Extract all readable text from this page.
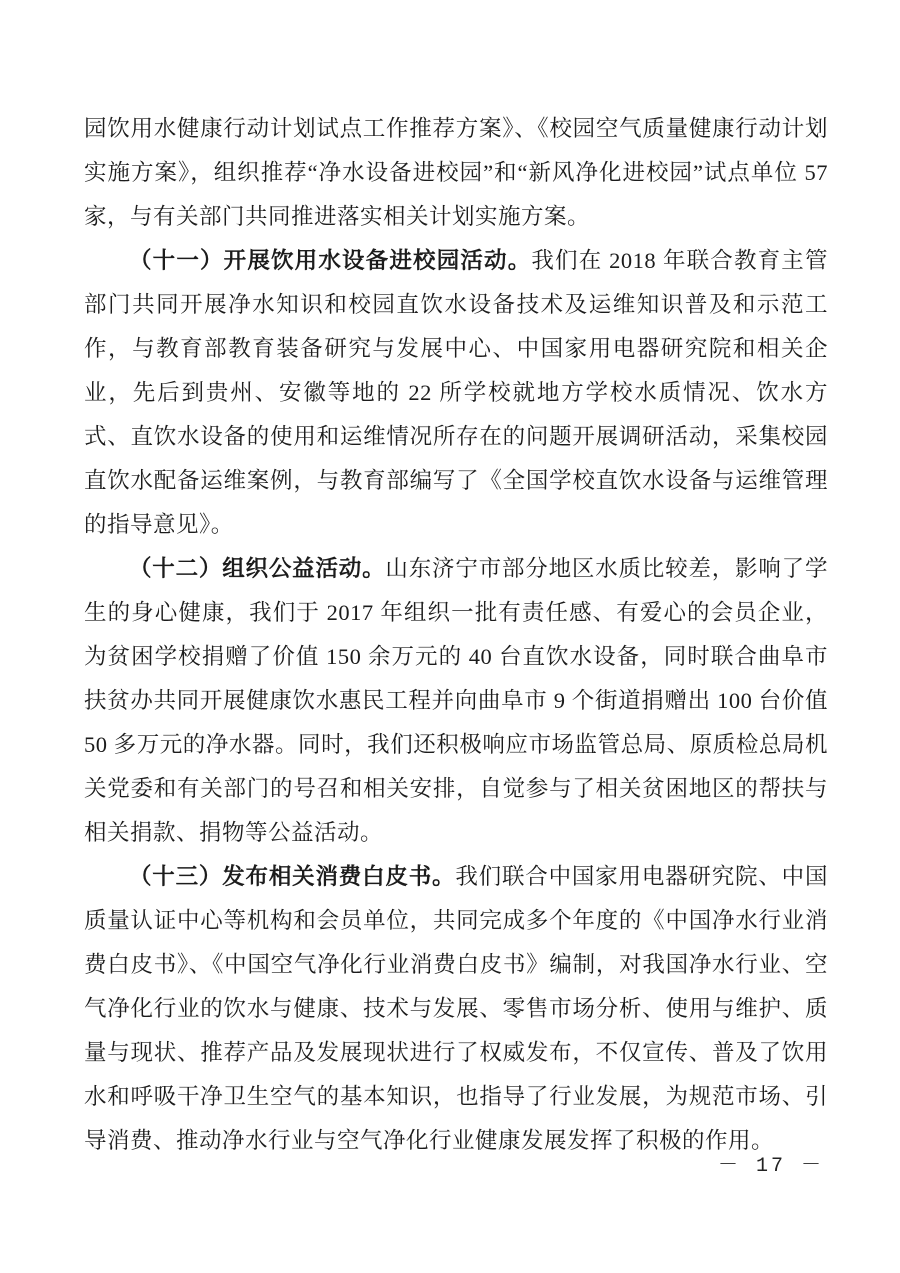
园饮用水健康行动计划试点工作推荐方案》、《校园空气质量健康行动计划实施方案》，组织推荐“净水设备进校园”和“新风净化进校园”试点单位 57 家，与有关部门共同推进落实相关计划实施方案。

（十一）开展饮用水设备进校园活动。我们在 2018 年联合教育主管部门共同开展净水知识和校园直饮水设备技术及运维知识普及和示范工作，与教育部教育装备研究与发展中心、中国家用电器研究院和相关企业，先后到贵州、安徽等地的 22 所学校就地方学校水质情况、饮水方式、直饮水设备的使用和运维情况所存在的问题开展调研活动，采集校园直饮水配备运维案例，与教育部编写了《全国学校直饮水设备与运维管理的指导意见》。

（十二）组织公益活动。山东济宁市部分地区水质比较差，影响了学生的身心健康，我们于 2017 年组织一批有责任感、有爱心的会员企业，为贫困学校捐赠了价值 150 余万元的 40 台直饮水设备，同时联合曲阜市扶贫办共同开展健康饮水惠民工程并向曲阜市 9 个街道捐赠出 100 台价值 50 多万元的净水器。同时，我们还积极响应市场监管总局、原质检总局机关党委和有关部门的号召和相关安排，自觉参与了相关贫困地区的帮扶与相关捐款、捐物等公益活动。

（十三）发布相关消费白皮书。我们联合中国家用电器研究院、中国质量认证中心等机构和会员单位，共同完成多个年度的《中国净水行业消费白皮书》、《中国空气净化行业消费白皮书》编制，对我国净水行业、空气净化行业的饮水与健康、技术与发展、零售市场分析、使用与维护、质量与现状、推荐产品及发展现状进行了权威发布，不仅宣传、普及了饮用水和呼吸干净卫生空气的基本知识，也指导了行业发展，为规范市场、引导消费、推动净水行业与空气净化行业健康发展发挥了积极的作用。

－ 17 －
